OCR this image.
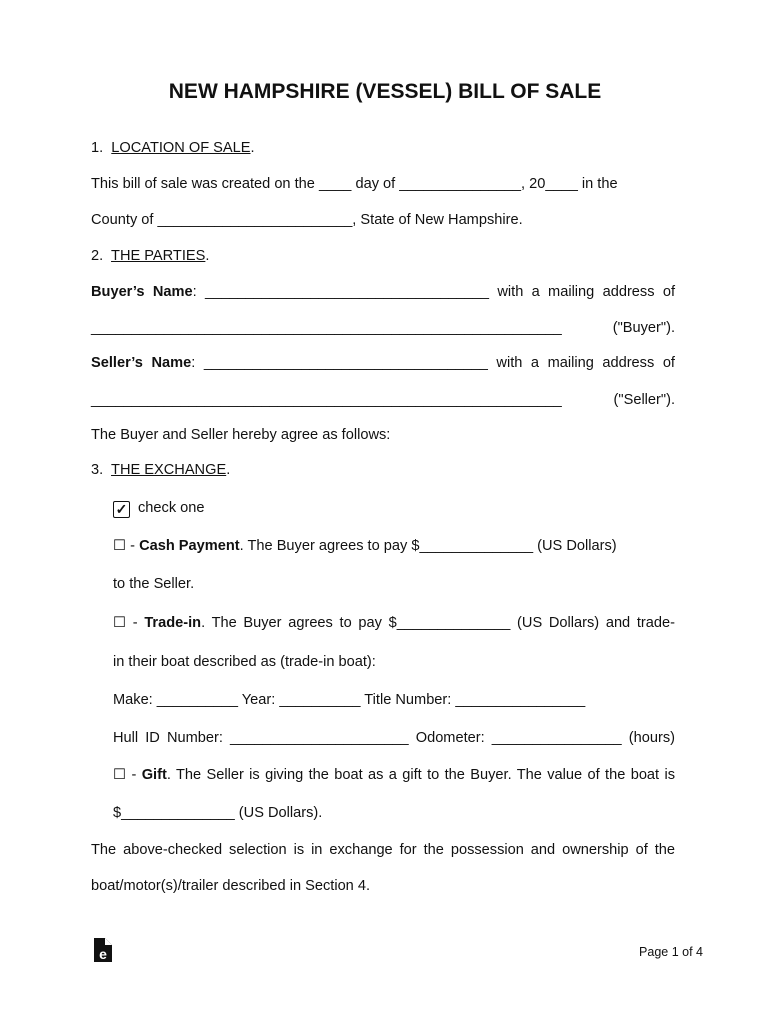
NEW HAMPSHIRE (VESSEL) BILL OF SALE
1.  LOCATION OF SALE.
This bill of sale was created on the ____ day of _______________, 20____ in the
County of ________________________, State of New Hampshire.
2.  THE PARTIES.
Buyer’s Name: ___________________________________ with a mailing address of
__________________________________________________________ ("Buyer").
Seller’s Name: ___________________________________ with a mailing address of
__________________________________________________________ ("Seller").
The Buyer and Seller hereby agree as follows:
3.  THE EXCHANGE.
✓ check one
☐ - Cash Payment. The Buyer agrees to pay $______________ (US Dollars)
to the Seller.
☐ - Trade-in. The Buyer agrees to pay $______________ (US Dollars) and trade-
in their boat described as (trade-in boat):
Make: __________ Year: __________ Title Number: ________________
Hull ID Number: ______________________ Odometer: ________________ (hours)
☐ - Gift. The Seller is giving the boat as a gift to the Buyer. The value of the boat is
$______________ (US Dollars).
The above-checked selection is in exchange for the possession and ownership of the
boat/motor(s)/trailer described in Section 4.
e	Page 1 of 4
